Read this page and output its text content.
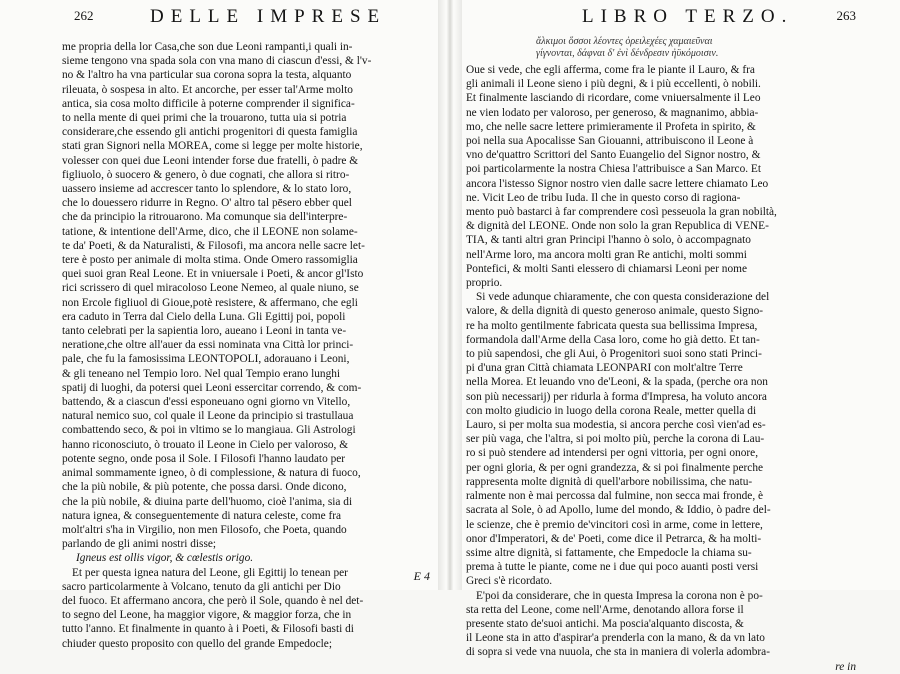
262	DELLE IMPRESE
me propria della lor Casa,che son due Leoni rampanti,i quali in-
sieme tengono vna spada sola con vna mano di ciascun d'essi, & l'v-
no & l'altro ha vna particular sua corona sopra la testa, alquanto
rileuata, ò sospesa in alto. Et ancorche, per esser tal'Arme molto
antica, sia cosa molto difficile à poterne comprender il significa-
to nella mente di quei primi che la trouarono, tutta uia si potria
considerare,che essendo gli antichi progenitori di questa famiglia
stati gran Signori nella MOREA, come si legge per molte historie,
volesser con quei due Leoni intender forse due fratelli, ò padre &
figliuolo, ò suocero & genero, ò due cognati, che allora si ritro-
uassero insieme ad accrescer tanto lo splendore, & lo stato loro,
che lo douessero ridurre in Regno. O' altro tal pēsero ebber quel
che da principio la ritrouarono. Ma comunque sia dell'interpre-
tatione, & intentione dell'Arme, dico, che il LEONE non solame-
te da' Poeti, & da Naturalisti, & Filosofi, ma ancora nelle sacre let-
tere è posto per animale di molta stima. Onde Omero rassomiglia
quei suoi gran Real Leone. Et in vniuersale i Poeti, & ancor gl'Isto
rici scrissero di quel miracoloso Leone Nemeo, al quale niuno, se
non Ercole figliuol di Gioue,potè resistere, & affermano, che egli
era caduto in Terra dal Cielo della Luna. Gli Egittij poi, popoli
tanto celebrati per la sapientia loro, aueano i Leoni in tanta ve-
neratione,che oltre all'auer da essi nominata vna Città lor princi-
pale, che fu la famosissima LEONTOPOLI, adorauano i Leoni,
& gli teneano nel Tempio loro. Nel qual Tempio erano lunghi
spatij di luoghi, da potersi quei Leoni essercitar correndo, & com-
battendo, & a ciascun d'essi esponeuano ogni giorno vn Vitello,
natural nemico suo, col quale il Leone da principio si trastullaua
combattendo seco, & poi in vltimo se lo mangiaua. Gli Astrologi
hanno riconosciuto, ò trouato il Leone in Cielo per valoroso, &
potente segno, onde posa il Sole. I Filosofi l'hanno laudato per
animal sommamente igneo, ò di complessione, & natura di fuoco,
che la più nobile, & più potente, che possa darsi. Onde dicono,
che la più nobile, & diuina parte dell'huomo, cioè l'anima, sia di
natura ignea, & conseguentemente di natura celeste, come fra
molt'altri s'ha in Virgilio, non men Filosofo, che Poeta, quando
parlando de gli animi nostri disse;
Igneus est ollis vigor, & cœlestis origo.
Et per questa ignea natura del Leone, gli Egittij lo tenean per
sacro particolarmente à Volcano, tenuto da gli antichi per Dio
del fuoco. Et affermano ancora, che però il Sole, quando è nel det-
to segno del Leone, ha maggior vigore, & maggior forza, che in
tutto l'anno. Et finalmente in quanto à i Poeti, & Filosofi basti di
chiuder questo proposito con quello del grande Empedocle;
E 4
LIBRO TERZO.	263
ἄλκιμοι ὅσσοι λέοντες ὀρειλεχέες χαμαιεῦναι
γίγνονται, δάφναι δ' ἐνὶ δένδρεσιν ἠϋκόμοισιν.
Oue si vede, che egli afferma, come fra le piante il Lauro, & fra
gli animali il Leone sieno i più degni, & i più eccellenti, ò nobili.
Et finalmente lasciando di ricordare, come vniuersalmente il Leo
ne vien lodato per valoroso, per generoso, & magnanimo, abbia-
mo, che nelle sacre lettere primieramente il Profeta in spirito, &
poi nella sua Apocalisse San Giouanni, attribuiscono il Leone à
vno de'quattro Scrittori del Santo Euangelio del Signor nostro, &
poi particolarmente la nostra Chiesa l'attribuisce a San Marco. Et
ancora l'istesso Signor nostro vien dalle sacre lettere chiamato Leo
ne. Vicit Leo de tribu Iuda. Il che in questo corso di ragiona-
mento può bastarci à far comprendere così pesseuola la gran nobiltà,
& dignità del LEONE. Onde non solo la gran Republica di VENE-
TIA, & tanti altri gran Principi l'hanno ò solo, ò accompagnato
nell'Arme loro, ma ancora molti gran Re antichi, molti sommi
Pontefici, & molti Santi elessero di chiamarsi Leoni per nome
proprio.
Si vede adunque chiaramente, che con questa considerazione del
valore, & della dignità di questo generoso animale, questo Signo-
re ha molto gentilmente fabricata questa sua bellissima Impresa,
formandola dall'Arme della Casa loro, come ho già detto. Et tan-
to più sapendosi, che gli Aui, ò Progenitori suoi sono stati Princi-
pi d'una gran Città chiamata LEONPARI con molt'altre Terre
nella Morea. Et leuando vno de'Leoni, & la spada, (perche ora non
son più necessarij) per ridurla à forma d'Impresa, ha voluto ancora
con molto giudicio in luogo della corona Reale, metter quella di
Lauro, si per molta sua modestia, si ancora perche così vien'ad es-
ser più vaga, che l'altra, si poi molto più, perche la corona di Lau-
ro si può stendere ad intendersi per ogni vittoria, per ogni onore,
per ogni gloria, & per ogni grandezza, & si poi finalmente perche
rappresenta molte dignità di quell'arbore nobilissima, che natu-
ralmente non è mai percossa dal fulmine, non secca mai fronde, è
sacrata al Sole, ò ad Apollo, lume del mondo, & Iddio, ò padre del-
le scienze, che è premio de'vincitori così in arme, come in lettere,
onor d'Imperatori, & de' Poeti, come dice il Petrarca, & ha molti-
ssime altre dignità, si fattamente, che Empedocle la chiama su-
prema à tutte le piante, come ne i due qui poco auanti posti versi
Greci s'è ricordato.
E'poi da considerare, che in questa Impresa la corona non è po-
sta retta del Leone, come nell'Arme, denotando allora forse il
presente stato de'suoi antichi. Ma poscia'alquanto discosta, &
il Leone sta in atto d'aspirar'a prenderla con la mano, & da vn lato
di sopra si vede vna nuuola, che sta in maniera di volerla adombra-
re in
